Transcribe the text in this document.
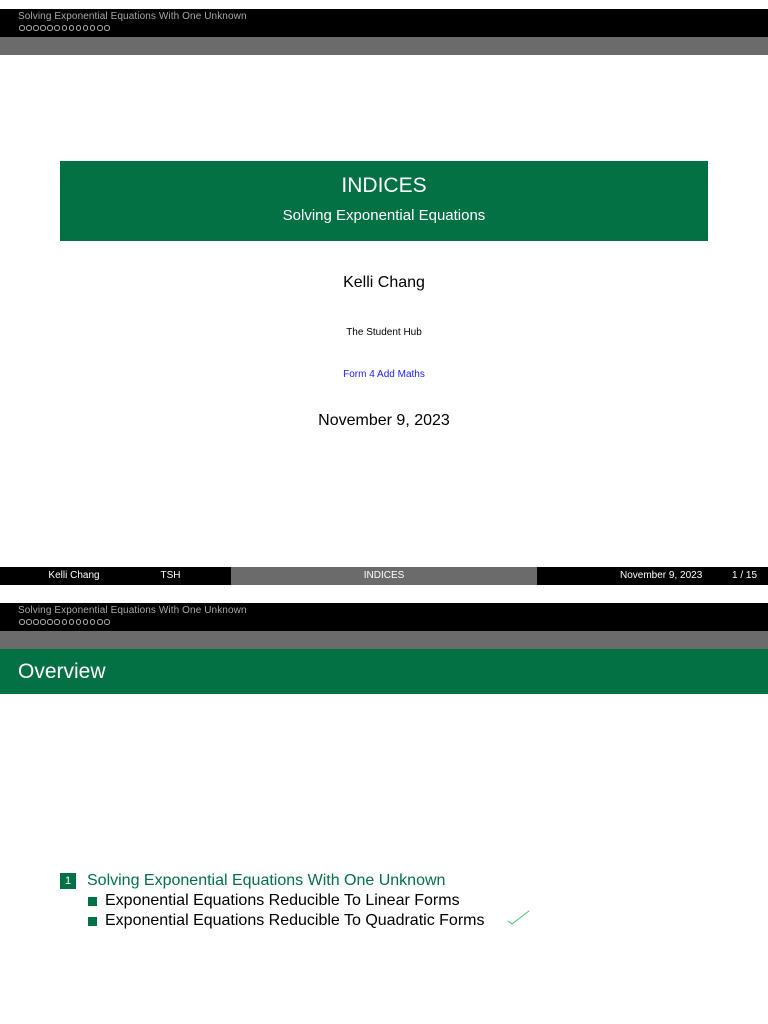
Solving Exponential Equations With One Unknown
INDICES
Solving Exponential Equations
Kelli Chang
The Student Hub
Form 4 Add Maths
November 9, 2023
Kelli Chang	TSH	INDICES	November 9, 2023	1 / 15
Solving Exponential Equations With One Unknown
Overview
1 Solving Exponential Equations With One Unknown
Exponential Equations Reducible To Linear Forms
Exponential Equations Reducible To Quadratic Forms
